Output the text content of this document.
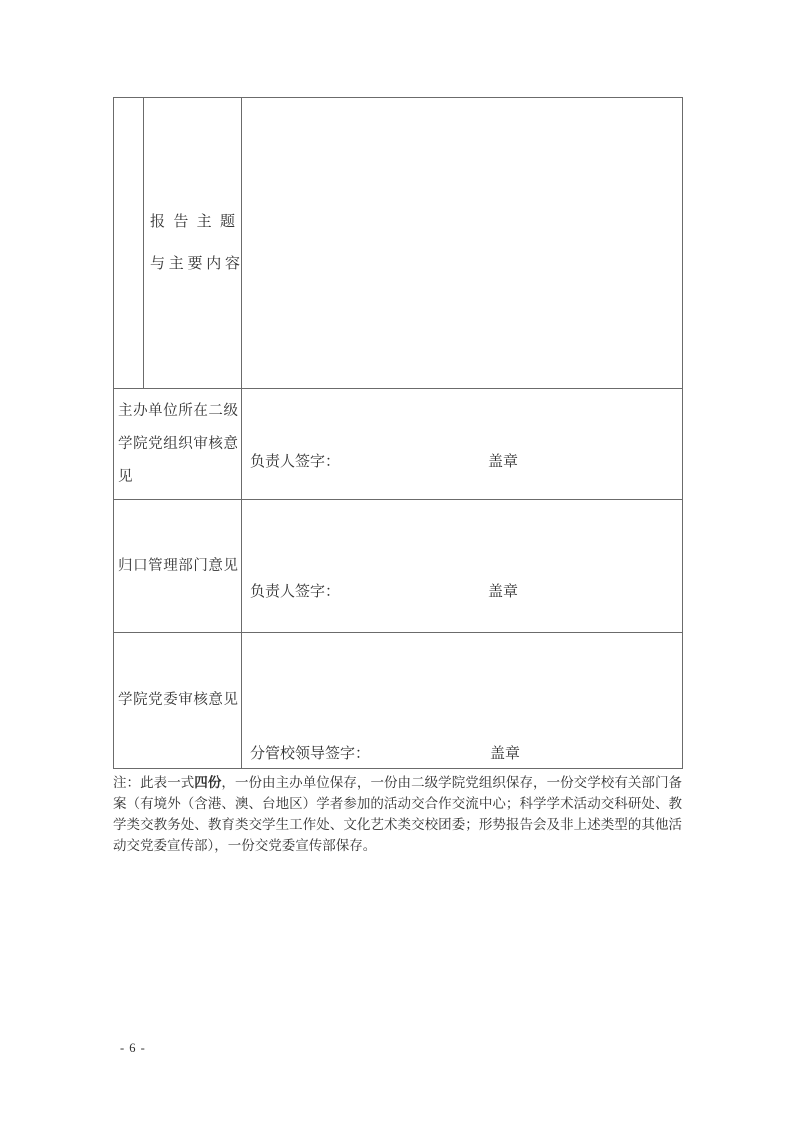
	报 告 主 题
与 主 要 内 容	

主办单位所在二级学院党组织审核意见		负责人签字： 盖章

归口管理部门意见		负责人签字： 盖章

学院党委审核意见		分管校领导签字： 盖章

注：此表一式四份，一份由主办单位保存，一份由二级学院党组织保存，一份交学校有关部门备案（有境外（含港、澳、台地区）学者参加的活动交合作交流中心；科学学术活动交科研处、教学类交教务处、教育类交学生工作处、文化艺术类交校团委；形势报告会及非上述类型的其他活动交党委宣传部），一份交党委宣传部保存。

- 6 -
